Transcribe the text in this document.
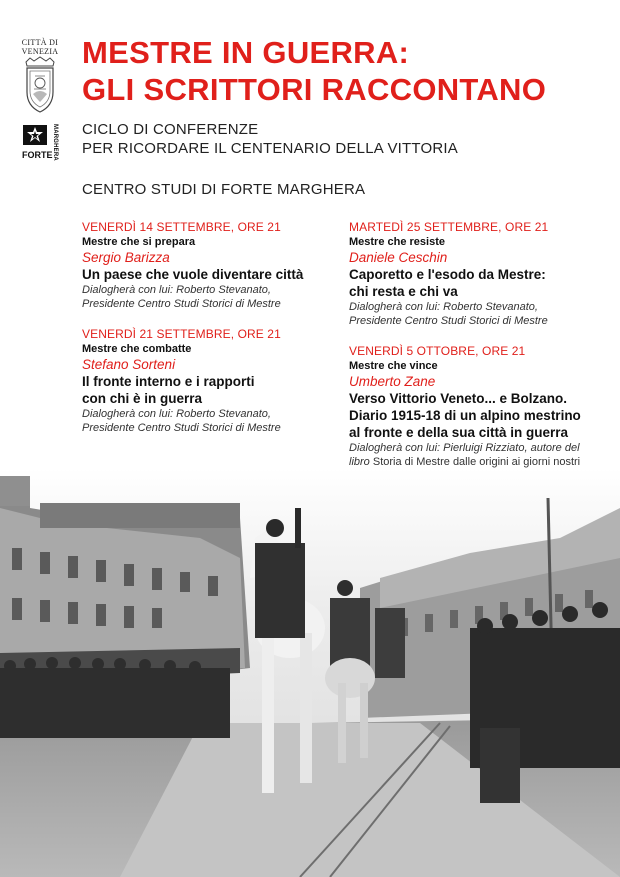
CITTÀ DI
VENEZIA
FORTE MARGHERA
MESTRE IN GUERRA:
GLI SCRITTORI RACCONTANO
CICLO DI CONFERENZE
PER RICORDARE IL CENTENARIO DELLA VITTORIA
CENTRO STUDI DI FORTE MARGHERA
VENERDÌ 14 SETTEMBRE, ORE 21
Mestre che si prepara
Sergio Barizza
Un paese che vuole diventare città
Dialogherà con lui: Roberto Stevanato,
Presidente Centro Studi Storici di Mestre
VENERDÌ 21 SETTEMBRE, ORE 21
Mestre che combatte
Stefano Sorteni
Il fronte interno e i rapporti
con chi è in guerra
Dialogherà con lui: Roberto Stevanato,
Presidente Centro Studi Storici di Mestre
MARTEDÌ 25 SETTEMBRE, ORE 21
Mestre che resiste
Daniele Ceschin
Caporetto e l'esodo da Mestre:
chi resta e chi va
Dialogherà con lui: Roberto Stevanato,
Presidente Centro Studi Storici di Mestre
VENERDÌ 5 OTTOBRE, ORE 21
Mestre che vince
Umberto Zane
Verso Vittorio Veneto... e Bolzano.
Diario 1915-18 di un alpino mestrino
al fronte e della sua città in guerra
Dialogherà con lui: Pierluigi Rizziato, autore del
libro Storia di Mestre dalle origini ai giorni nostri
